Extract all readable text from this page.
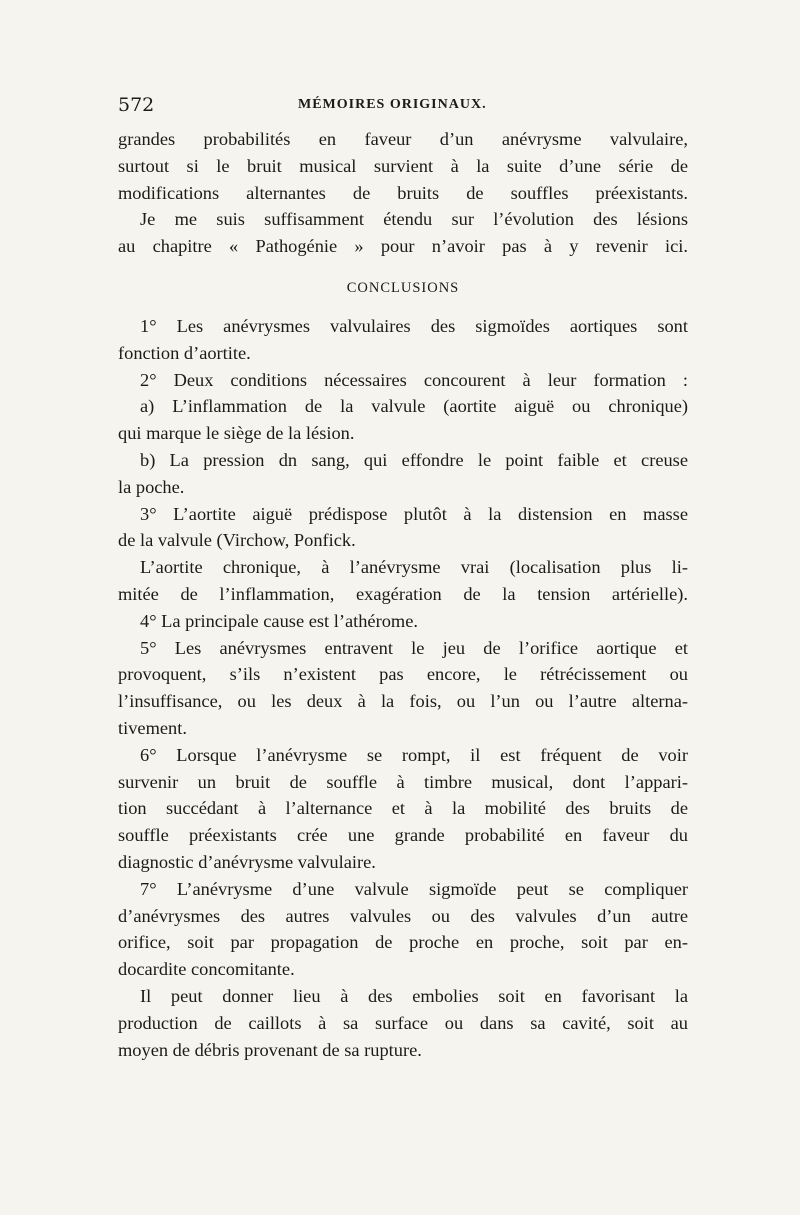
572	MÉMOIRES ORIGINAUX.

grandes probabilités en faveur d’un anévrysme valvulaire,
surtout si le bruit musical survient à la suite d’une série de
modifications alternantes de bruits de souffles préexistants.
Je me suis suffisamment étendu sur l’évolution des lésions
au chapitre « Pathogénie » pour n’avoir pas à y revenir ici.

CONCLUSIONS

1° Les anévrysmes valvulaires des sigmoïdes aortiques sont
fonction d’aortite.
2° Deux conditions nécessaires concourent à leur formation :
a) L’inflammation de la valvule (aortite aiguë ou chronique)
qui marque le siège de la lésion.
b) La pression dn sang, qui effondre le point faible et creuse
la poche.
3° L’aortite aiguë prédispose plutôt à la distension en masse
de la valvule (Virchow, Ponfick.
L’aortite chronique, à l’anévrysme vrai (localisation plus li-
mitée de l’inflammation, exagération de la tension artérielle).
4° La principale cause est l’athérome.
5° Les anévrysmes entravent le jeu de l’orifice aortique et
provoquent, s’ils n’existent pas encore, le rétrécissement ou
l’insuffisance, ou les deux à la fois, ou l’un ou l’autre alterna-
tivement.
6° Lorsque l’anévrysme se rompt, il est fréquent de voir
survenir un bruit de souffle à timbre musical, dont l’appari-
tion succédant à l’alternance et à la mobilité des bruits de
souffle préexistants crée une grande probabilité en faveur du
diagnostic d’anévrysme valvulaire.
7° L’anévrysme d’une valvule sigmoïde peut se compliquer
d’anévrysmes des autres valvules ou des valvules d’un autre
orifice, soit par propagation de proche en proche, soit par en-
docardite concomitante.
Il peut donner lieu à des embolies soit en favorisant la
production de caillots à sa surface ou dans sa cavité, soit au
moyen de débris provenant de sa rupture.
